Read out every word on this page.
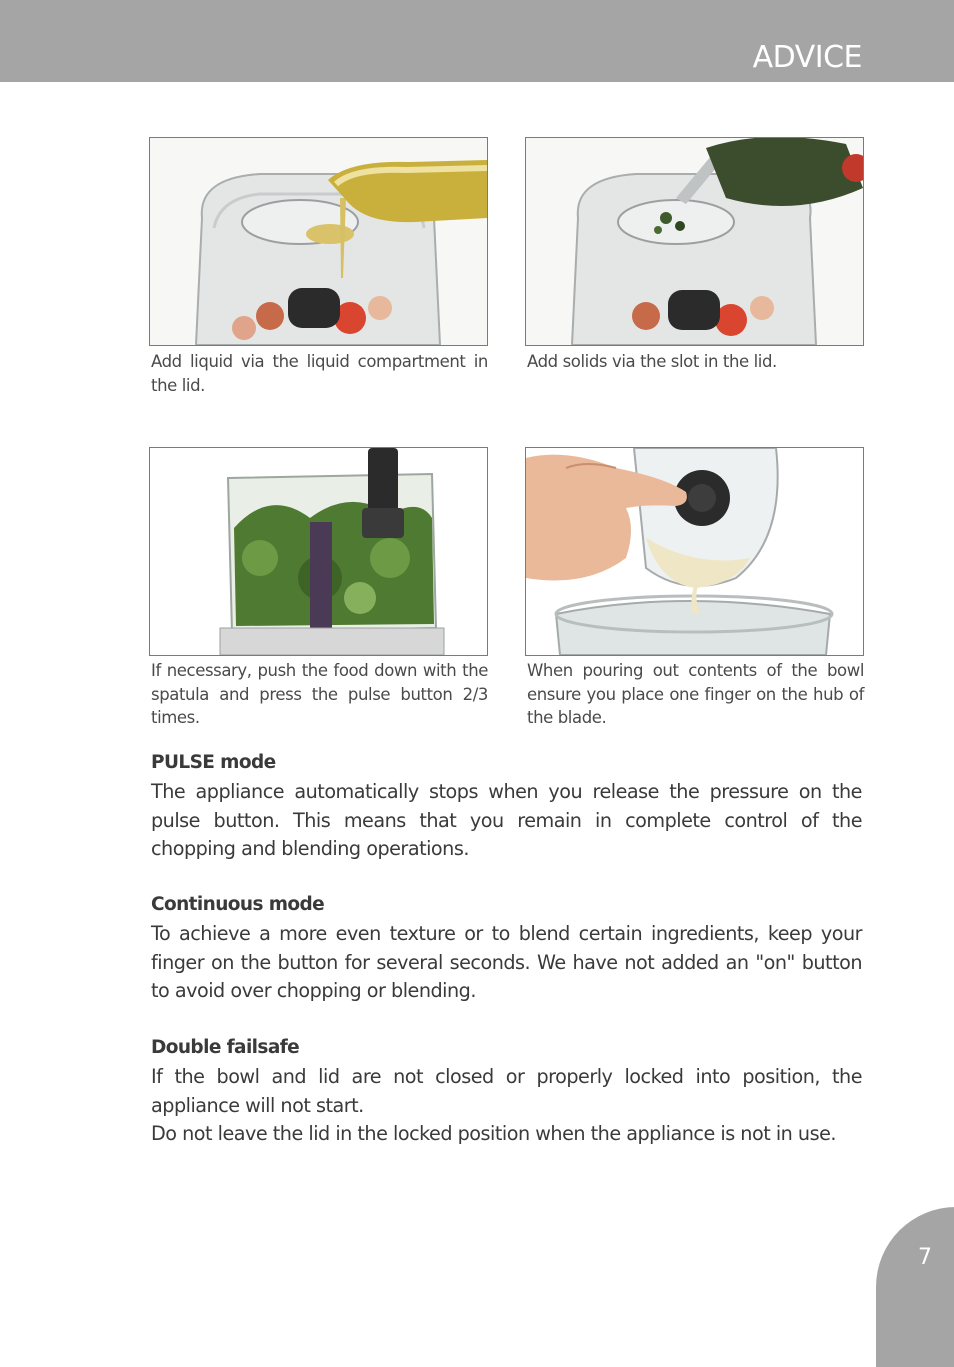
ADVICE
Add liquid via the liquid compartment in the lid.
Add solids via the slot in the lid.
If necessary, push the food down with the spatula and press the pulse button 2/3 times.
When pouring out contents of the bowl ensure you place one finger on the hub of the blade.
PULSE mode

The appliance automatically stops when you release the pressure on the pulse button. This means that you remain in complete control of the chopping and blending operations.

Continuous mode

To achieve a more even texture or to blend certain ingredients, keep your finger on the button for several seconds. We have not added an "on" button to avoid over chopping or blending.

Double failsafe

If the bowl and lid are not closed or properly locked into position, the appliance will not start.

Do not leave the lid in the locked position when the appliance is not in use.

7
